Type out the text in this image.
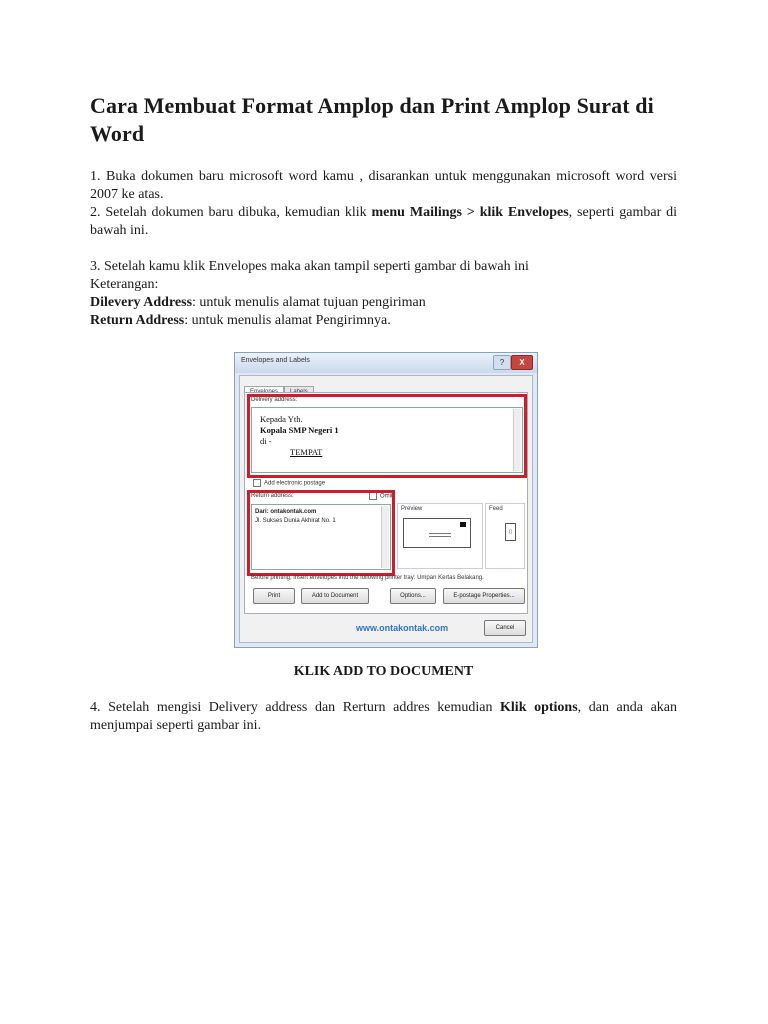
Cara Membuat Format Amplop dan Print Amplop Surat di Word

1. Buka dokumen baru microsoft word kamu , disarankan untuk menggunakan microsoft word versi 2007 ke atas.

2. Setelah dokumen baru dibuka, kemudian klik menu Mailings > klik Envelopes, seperti gambar di bawah ini.

3. Setelah kamu klik Envelopes maka akan tampil seperti gambar di bawah ini

Keterangan:

Dilevery Address: untuk menulis alamat tujuan pengiriman

Return Address: untuk menulis alamat Pengirimnya.

Envelopes and Labels	?	X
Delivery address:
Kepada Yth.
Kopala SMP Negeri 1
di -
TEMPAT
Add electronic postage
Return address:	Omit
Dari: ontakontak.com
Jl. Sukses Dunia Akhirat No. 1
Preview	Feed
▯
Before printing, insert envelopes into the following printer tray: Umpan Kertas Belakang.
Print	Add to Document	Options...	E-postage Properties...
www.ontakontak.com	Cancel
KLIK ADD TO DOCUMENT

4. Setelah mengisi Delivery address dan Rerturn addres kemudian Klik options, dan anda akan menjumpai seperti gambar ini.
